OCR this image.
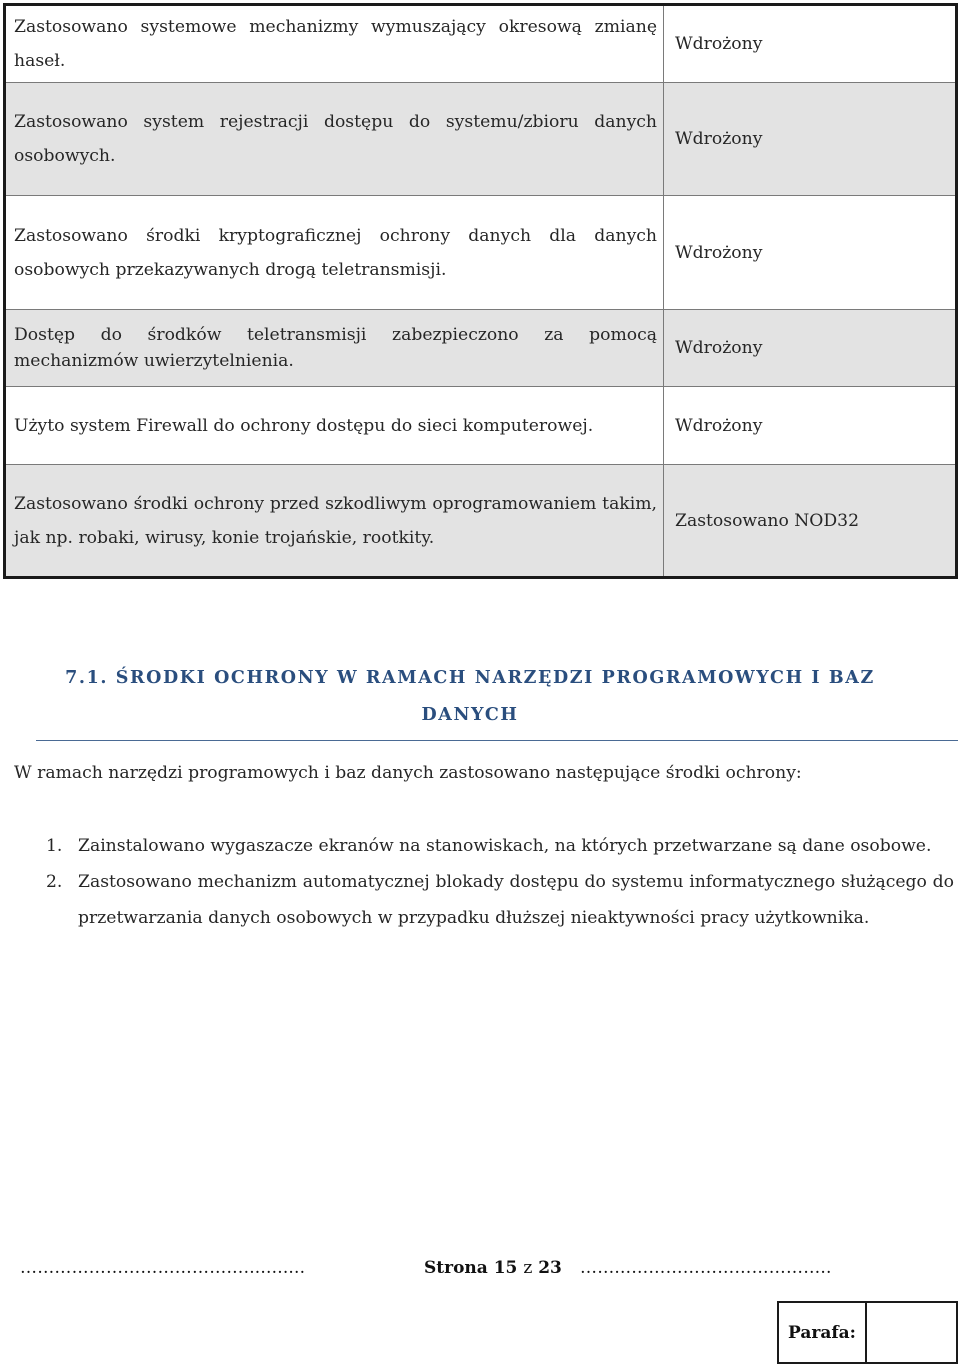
Zastosowano systemowe mechanizmy wymuszający okresową zmianę haseł.
Wdrożony
Zastosowano system rejestracji dostępu do systemu/zbioru danych osobowych.
Wdrożony
Zastosowano środki kryptograficznej ochrony danych dla danych osobowych przekazywanych drogą teletransmisji.
Wdrożony
Dostęp do środków teletransmisji zabezpieczono za pomocą mechanizmów uwierzytelnienia.
Wdrożony
Użyto system Firewall do ochrony dostępu do sieci komputerowej.	Wdrożony
Zastosowano środki ochrony przed szkodliwym oprogramowaniem takim, jak np. robaki, wirusy, konie trojańskie, rootkity.
Zastosowano NOD32
7.1. ŚRODKI OCHRONY W RAMACH NARZĘDZI PROGRAMOWYCH I BAZ DANYCH
W ramach narzędzi programowych i baz danych zastosowano następujące środki ochrony:
1. Zainstalowano wygaszacze ekranów na stanowiskach, na których przetwarzane są dane osobowe.
2. Zastosowano mechanizm automatycznej blokady dostępu do systemu informatycznego służącego do przetwarzania danych osobowych w przypadku dłuższej nieaktywności pracy użytkownika.
…………………………………...........	Strona 15 z 23 ……...……………………………..
Parafa:
